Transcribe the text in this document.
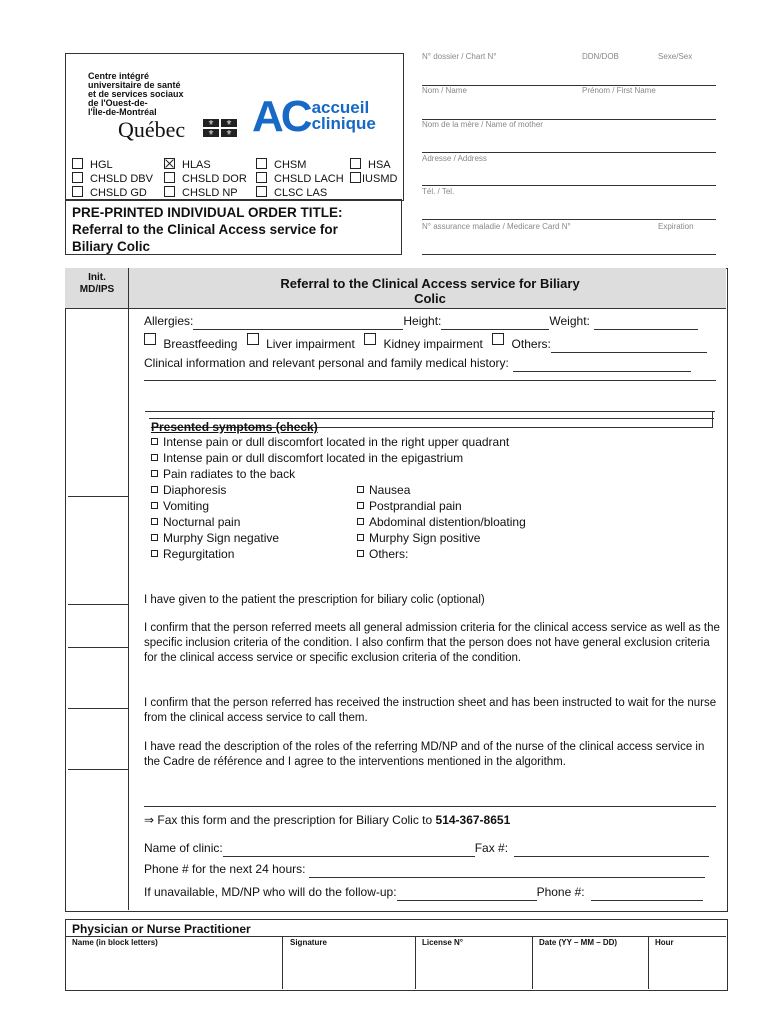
Centre intégré
universitaire de santé
et de services sociaux
de l'Ouest-de-
l'Île-de-Montréal
Québec	⚜	⚜
⚜	⚜ AC accueil
clinique
HGL	HLAS	CHSM	HSA
CHSLD DBV	CHSLD DOR	CHSLD LACH	IUSMD
CHSLD GD	CHSLD NP	CLSC LAS
PRE-PRINTED INDIVIDUAL ORDER TITLE:
Referral to the Clinical Access service for
Biliary Colic
N° dossier / Chart N°	DDN/DOB	Sexe/Sex
Nom / Name	Prénom / First Name
Nom de la mère / Name of mother
Adresse / Address
Tél. / Tel.
N° assurance maladie / Medicare Card N°	Expiration
Init.
MD/IPS	Referral to the Clinical Access service for Biliary
Colic
Allergies:	Height:	Weight:
Breastfeeding Liver impairment Kidney impairment Others:
Clinical information and relevant personal and family medical history:
Presented symptoms (check)
Intense pain or dull discomfort located in the right upper quadrant
Intense pain or dull discomfort located in the epigastrium
Pain radiates to the back
Diaphoresis
Vomiting
Nocturnal pain
Murphy Sign negative
Regurgitation
Nausea
Postprandial pain
Abdominal distention/bloating
Murphy Sign positive
Others:
I have given to the patient the prescription for biliary colic (optional)
I confirm that the person referred meets all general admission criteria for the clinical access service as well as the specific inclusion criteria of the condition. I also confirm that the person does not have general exclusion criteria for the clinical access service or specific exclusion criteria of the condition.
I confirm that the person referred has received the instruction sheet and has been instructed to wait for the nurse from the clinical access service to call them.
I have read the description of the roles of the referring MD/NP and of the nurse of the clinical access service in the Cadre de référence and I agree to the interventions mentioned in the algorithm.
⇒ Fax this form and the prescription for Biliary Colic to 514-367-8651
Name of clinic:	Fax #:
Phone # for the next 24 hours:
If unavailable, MD/NP who will do the follow-up:	Phone #:
Physician or Nurse Practitioner
Name (in block letters)	Signature	License N°	Date (YY – MM – DD)	Hour
